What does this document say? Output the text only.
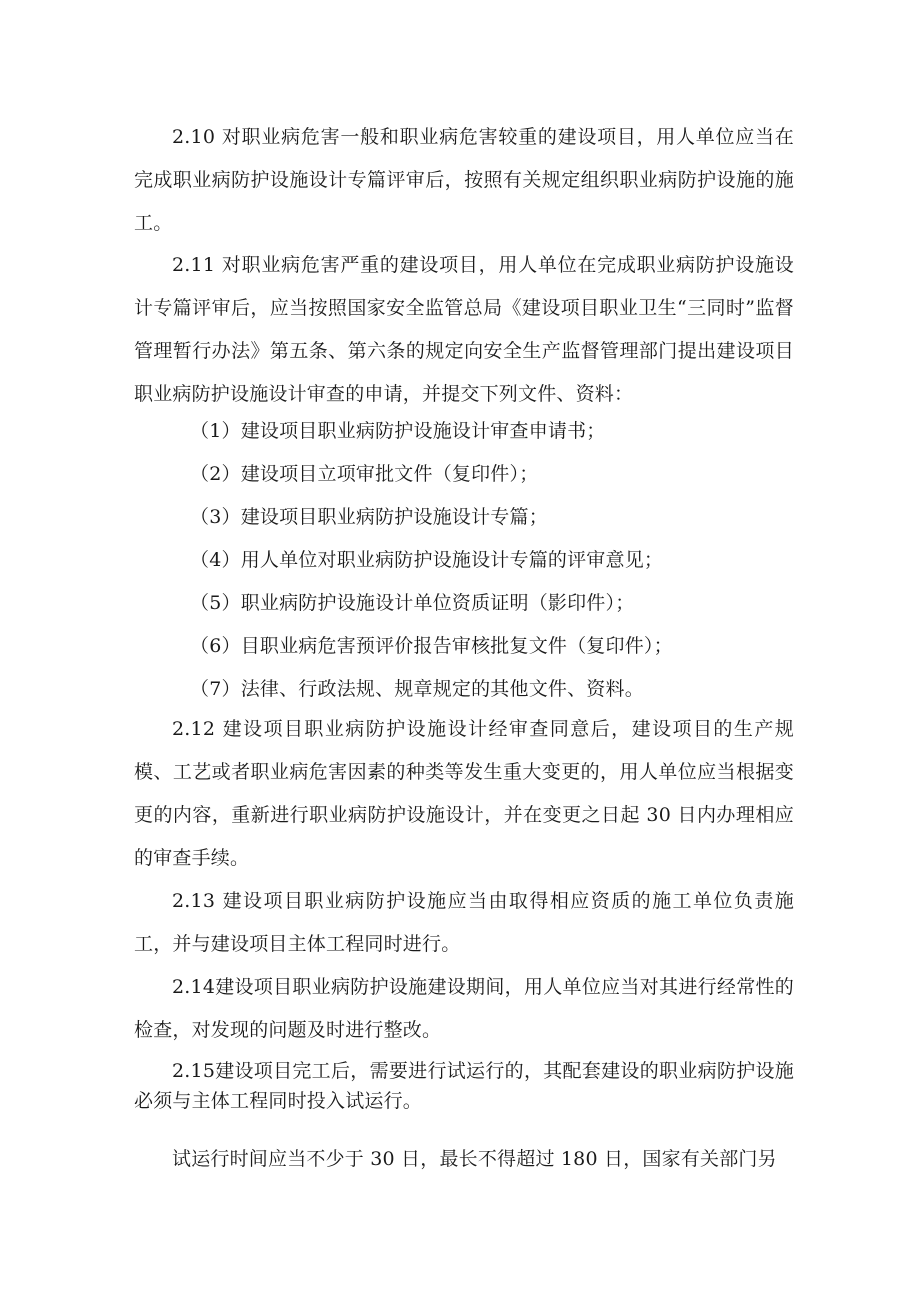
2.10 对职业病危害一般和职业病危害较重的建设项目，用人单位应当在完成职业病防护设施设计专篇评审后，按照有关规定组织职业病防护设施的施工。

2.11 对职业病危害严重的建设项目，用人单位在完成职业病防护设施设计专篇评审后，应当按照国家安全监管总局《建设项目职业卫生“三同时”监督管理暂行办法》第五条、第六条的规定向安全生产监督管理部门提出建设项目职业病防护设施设计审查的申请，并提交下列文件、资料：

（1）建设项目职业病防护设施设计审查申请书；

（2）建设项目立项审批文件（复印件）；

（3）建设项目职业病防护设施设计专篇；

（4）用人单位对职业病防护设施设计专篇的评审意见；

（5）职业病防护设施设计单位资质证明（影印件）；

（6）目职业病危害预评价报告审核批复文件（复印件）；

（7）法律、行政法规、规章规定的其他文件、资料。

2.12 建设项目职业病防护设施设计经审查同意后，建设项目的生产规模、工艺或者职业病危害因素的种类等发生重大变更的，用人单位应当根据变更的内容，重新进行职业病防护设施设计，并在变更之日起 30 日内办理相应的审查手续。

2.13 建设项目职业病防护设施应当由取得相应资质的施工单位负责施工，并与建设项目主体工程同时进行。

2.14建设项目职业病防护设施建设期间，用人单位应当对其进行经常性的检查，对发现的问题及时进行整改。

2.15建设项目完工后，需要进行试运行的，其配套建设的职业病防护设施必须与主体工程同时投入试运行。

试运行时间应当不少于 30 日，最长不得超过 180 日，国家有关部门另
